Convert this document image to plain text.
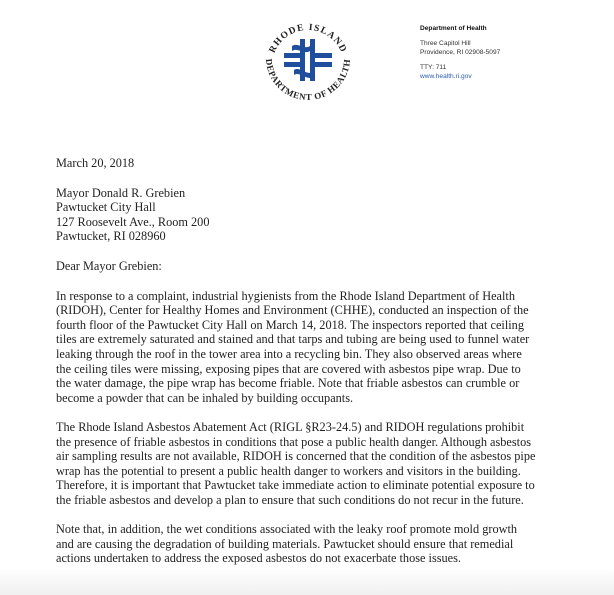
RHODE ISLAND
DEPARTMENT OF HEALTH
Department of Health
Three Capitol Hill
Providence, RI 02908-5097
TTY: 711
www.health.ri.gov
March 20, 2018
Mayor Donald R. Grebien
Pawtucket City Hall
127 Roosevelt Ave., Room 200
Pawtucket, RI 028960
Dear Mayor Grebien:
In response to a complaint, industrial hygienists from the Rhode Island Department of Health
(RIDOH), Center for Healthy Homes and Environment (CHHE), conducted an inspection of the
fourth floor of the Pawtucket City Hall on March 14, 2018. The inspectors reported that ceiling
tiles are extremely saturated and stained and that tarps and tubing are being used to funnel water
leaking through the roof in the tower area into a recycling bin. They also observed areas where
the ceiling tiles were missing, exposing pipes that are covered with asbestos pipe wrap. Due to
the water damage, the pipe wrap has become friable. Note that friable asbestos can crumble or
become a powder that can be inhaled by building occupants.
The Rhode Island Asbestos Abatement Act (RIGL §R23-24.5) and RIDOH regulations prohibit
the presence of friable asbestos in conditions that pose a public health danger. Although asbestos
air sampling results are not available, RIDOH is concerned that the condition of the asbestos pipe
wrap has the potential to present a public health danger to workers and visitors in the building.
Therefore, it is important that Pawtucket take immediate action to eliminate potential exposure to
the friable asbestos and develop a plan to ensure that such conditions do not recur in the future.
Note that, in addition, the wet conditions associated with the leaky roof promote mold growth
and are causing the degradation of building materials. Pawtucket should ensure that remedial
actions undertaken to address the exposed asbestos do not exacerbate those issues.
